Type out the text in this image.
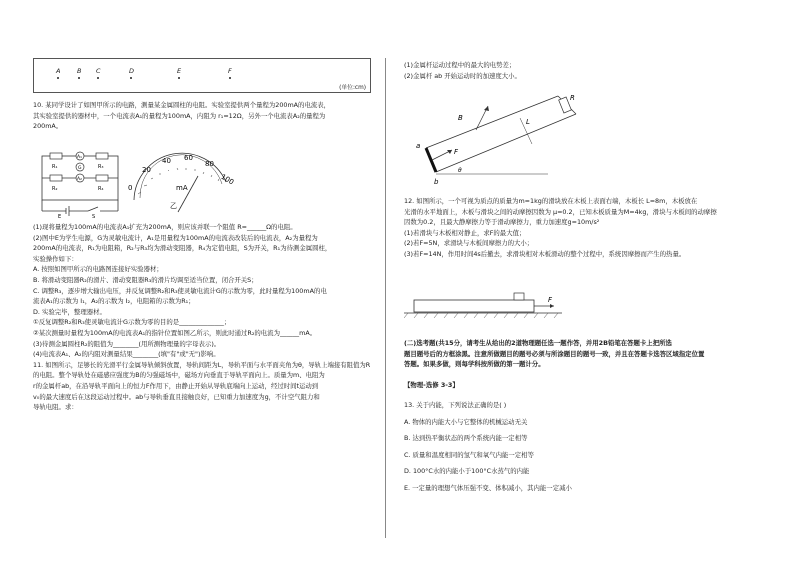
A	B C	D	E	F
(单位:cm)

10. 某同学设计了如图甲所示的电路，测量某金属圆柱的电阻。实验室提供两个量程为200mA的电流表，

其实验室提供的器材中，一个电流表A₁的量程为100mA，内阻为 r₁=12Ω，另外一个电流表A₂的量程为

200mA。

R₁
R₂
A₁
G
A₂
R₃
R₄
E	S
0
20
40 60
80
100
mA
乙

(1)现将量程为100mA的电流表A₁扩充为200mA，则应该并联一个阻值 R=______Ω的电阻。

(2)图中E为学生电源，G为灵敏电流计，A₁是用量程为100mA的电流表改装后的电流表，A₂为量程为

200mA的电流表，R₁为电阻箱，R₂与R₃均为滑动变阻器，R₄为定值电阻，S为开关，R₁为待测金属圆柱，

实验操作如下：

A. 按照如图甲所示的电路图连接好实验器材；

B. 将滑动变阻器R₂的滑片、滑动变阻器R₃的滑片均调至适当位置，闭合开关S；

C. 调整R₃，逐步增大输出电压，并反复调整R₂和R₃使灵敏电流计G的示数为零，此时量程为100mA的电

流表A₁的示数为 I₁，A₂的示数为 I₂，电阻箱的示数为R₁；

D. 实验完毕，整理器材。

①反复调整R₂和R₃使灵敏电流计G示数为零的目的是______________；

②某次测量时量程为100mA的电流表A₁的指针位置如图乙所示，则此时通过R₂的电流为______mA。

(3)待测金属圆柱R₂的阻值为________(用所测物理量的字母表示)。

(4)电流表A₁、A₂的内阻对测量结果________(填"有"或"无")影响。

11. 如图所示，足够长的光滑平行金属导轨倾斜放置，导轨间距为L，导轨平面与水平面夹角为θ，导轨上端接有阻值为R

的电阻。整个导轨处在磁感应强度为B的匀强磁场中，磁场方向垂直于导轨平面向上。质量为m、电阻为

r的金属杆ab，在沿导轨平面向上的恒力F作用下，由静止开始从导轨底端向上运动，经过时间t运动到

v₀的最大速度后在这段运动过程中。ab与导轨垂直且接触良好，已知重力加速度为g，不计空气阻力和

导轨电阻。求：

(1)金属杆运动过程中的最大的电势差；

(2)金属杆 ab 开始运动时的加速度大小。

R
B	L
F
a
b
θ

12. 如图所示，一个可视为质点的质量为m=1kg的滑块放在木板上表面右端，木板长 L=8m，木板放在

光滑的水平地面上，木板与滑块之间的动摩擦因数为 μ=0.2，已知木板质量为M=4kg，滑块与木板间的动摩擦

因数为0.2，且最大静摩擦力等于滑动摩擦力，重力加速度g=10m/s²

(1)若滑块与木板相对静止，求F的最大值；

(2)若F=5N，求滑块与木板间摩擦力的大小；

(3)若F=14N，作用时间4s后撤去，求滑块相对木板滑动的整个过程中，系统因摩擦而产生的热量。

F

(二)选考题(共15分，请考生从给出的2道物理题任选一题作答，并用2B铅笔在答题卡上把所选

题目题号后的方框涂黑。注意所做题目的题号必须与所涂题目的题号一致，并且在答题卡选答区域指定位置

答题。如果多做，则每学科按所做的第一题计分。

【物理-选修 3-3】

13. 关于内能，下列说法正确的是( )

A. 物体的内能大小与它整体的机械运动无关

B. 达到热平衡状态的两个系统内能一定相等

C. 质量和温度相同的氢气和氧气内能一定相等

D. 100°C水的内能小于100°C水蒸气的内能

E. 一定量的理想气体压强不变、体积减小，其内能一定减小
